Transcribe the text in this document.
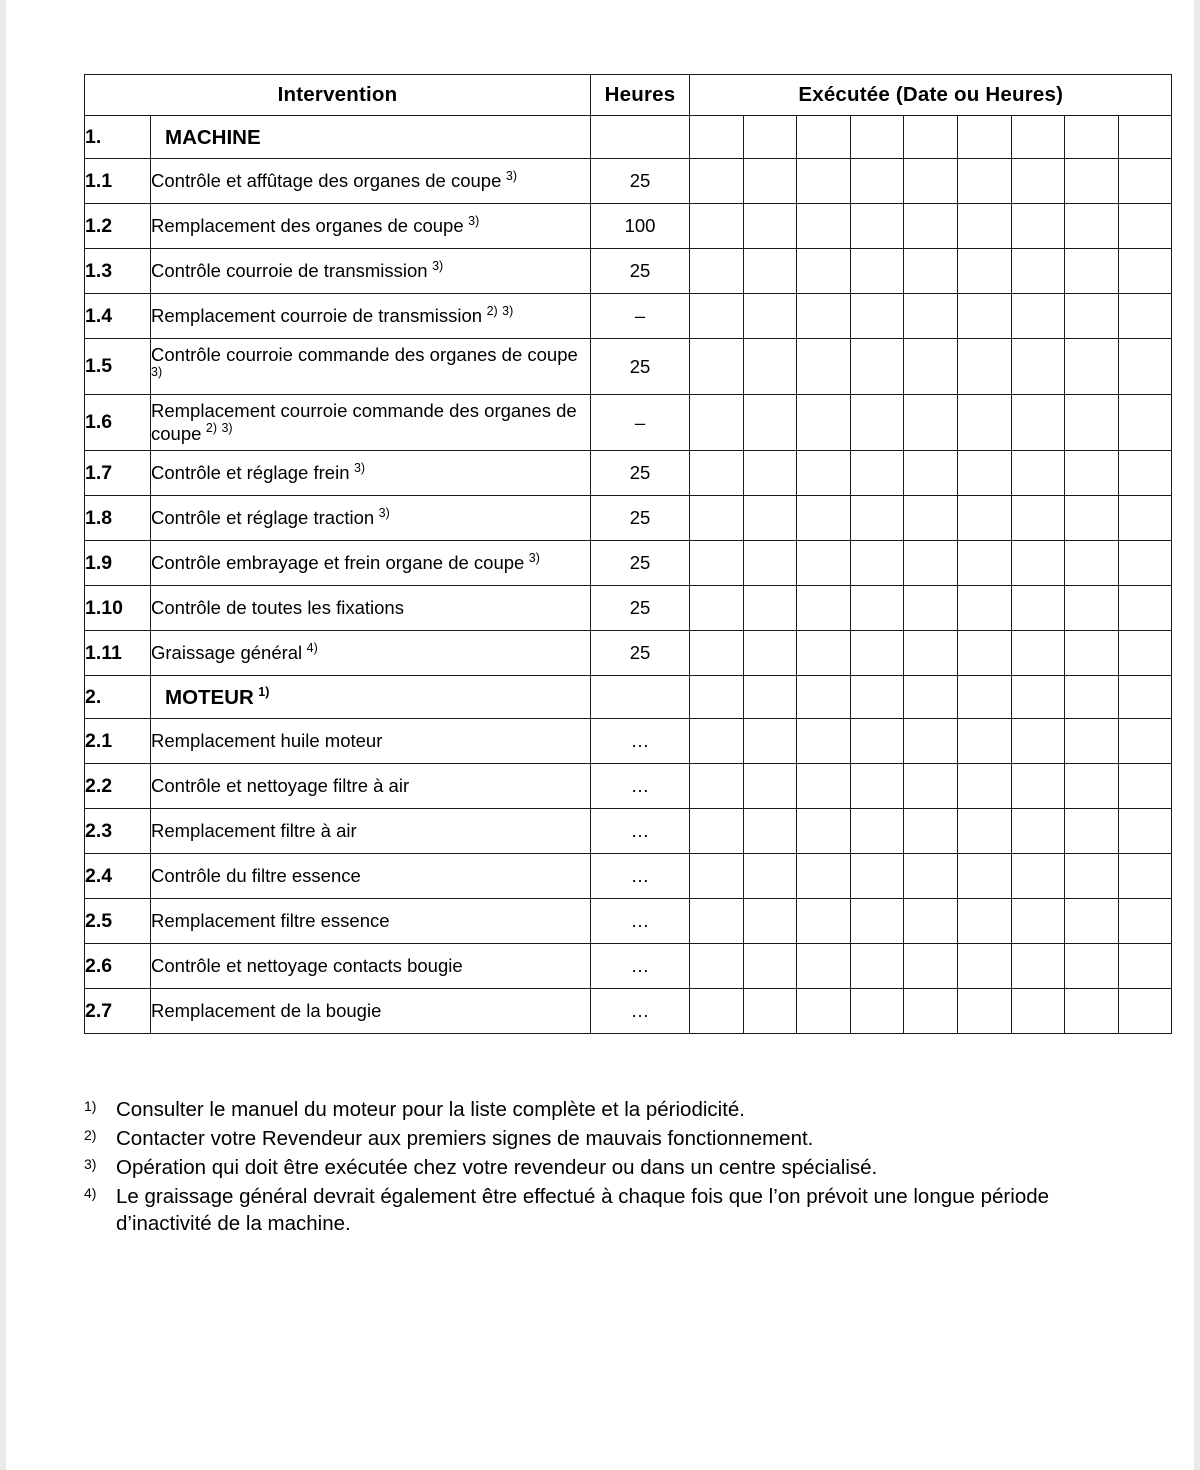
Intervention		Heures	Exécutée (Date ou Heures)								
1.	MACHINE										
1.1	Contrôle et affûtage des organes de coupe $^{3)}$	25									
1.2	Remplacement des organes de coupe $^{3)}$	100									
1.3	Contrôle courroie de transmission $^{3)}$	25									
1.4	Remplacement courroie de transmission $^{2)}$ $^{3)}$	–									
1.5	Contrôle courroie commande des organes de coupe $^{3)}$	25									
1.6	Remplacement courroie commande des organes de coupe $^{2)}$ $^{3)}$	–									
1.7	Contrôle et réglage frein $^{3)}$	25									
1.8	Contrôle et réglage traction $^{3)}$	25									
1.9	Contrôle embrayage et frein organe de coupe $^{3)}$	25									
1.10	Contrôle de toutes les fixations	25									
1.11	Graissage général $^{4)}$	25									
2.	MOTEUR $^{1)}$										
2.1	Remplacement huile moteur	…									
2.2	Contrôle et nettoyage filtre à air	…									
2.3	Remplacement filtre à air	…									
2.4	Contrôle du filtre essence	…									
2.5	Remplacement filtre essence	…									
2.6	Contrôle et nettoyage contacts bougie	…									
2.7	Remplacement de la bougie	…									
$^{1)}$ Consulter le manuel du moteur pour la liste complète et la périodicité.
$^{2)}$ Contacter votre Revendeur aux premiers signes de mauvais fonctionnement.
$^{3)}$ Opération qui doit être exécutée chez votre revendeur ou dans un centre spécialisé.
$^{4)}$ Le graissage général devrait également être effectué à chaque fois que l’on prévoit une longue période d’inactivité de la machine.
